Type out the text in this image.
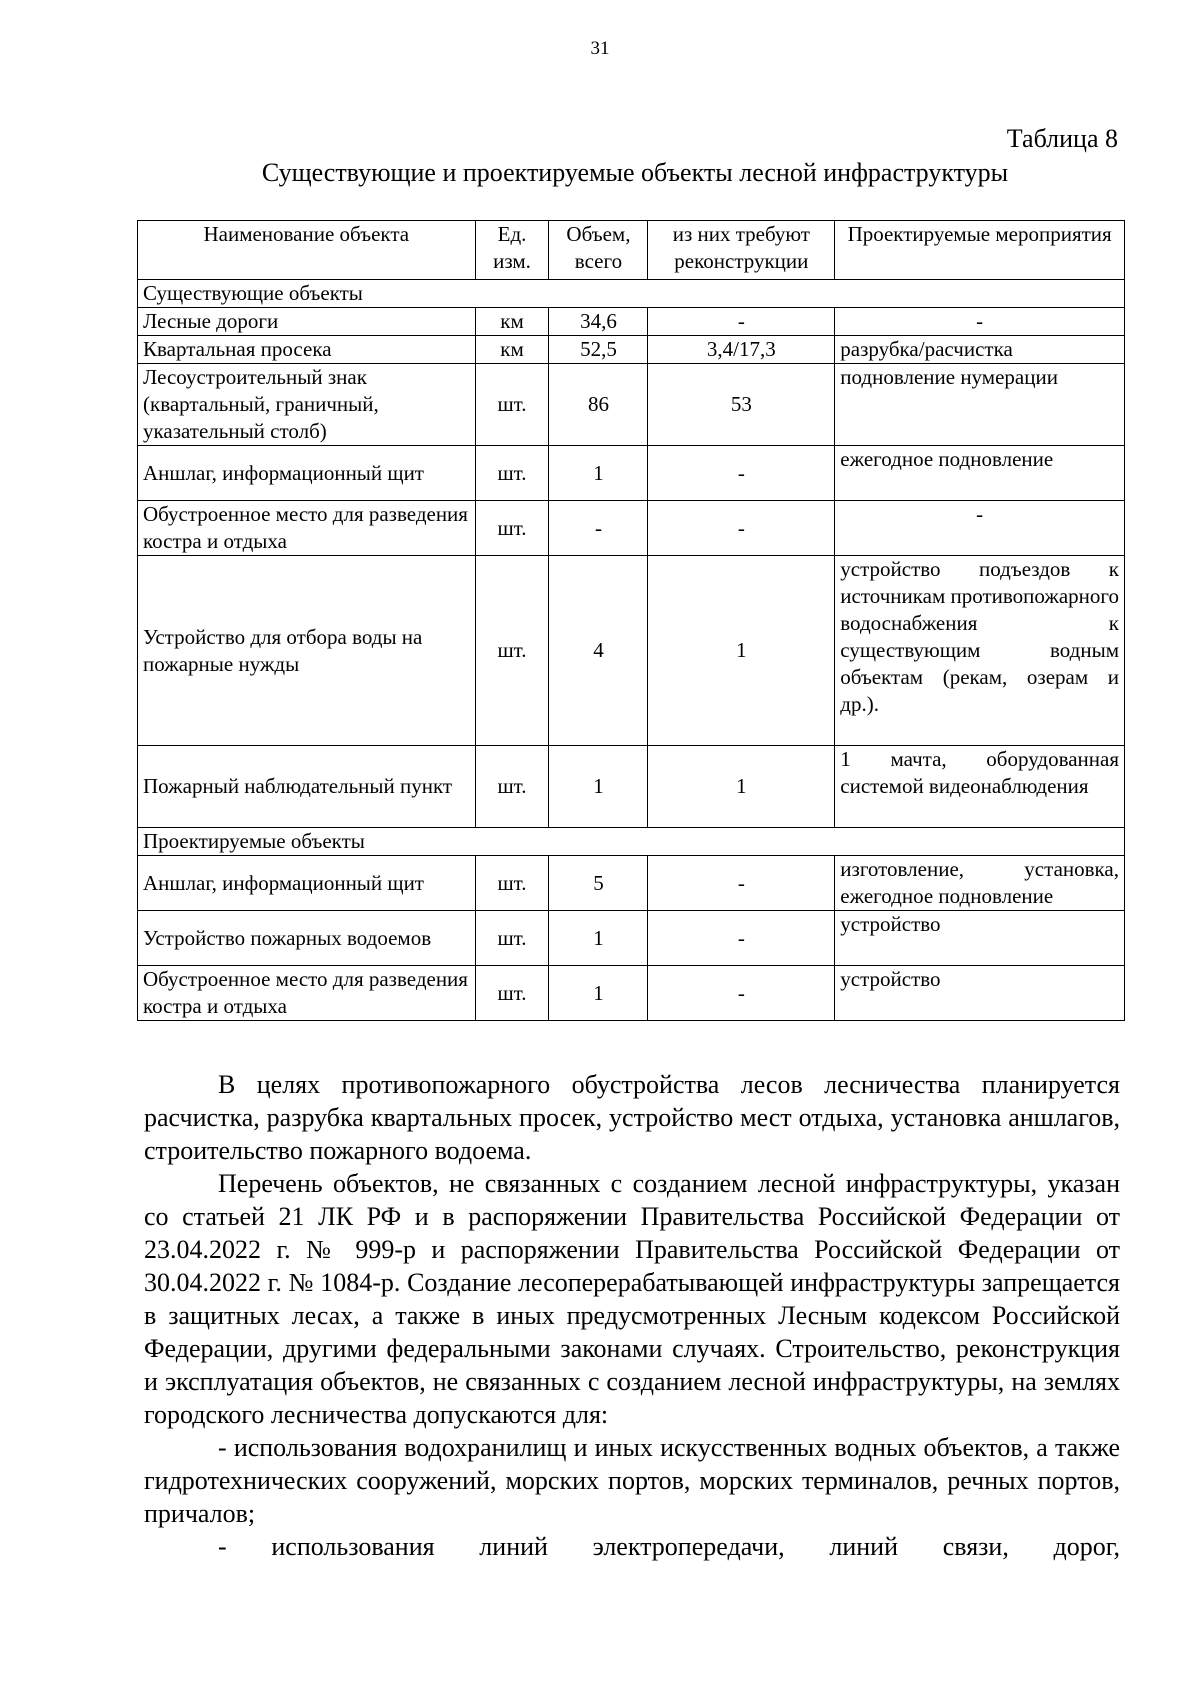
31
Таблица 8
Существующие и проектируемые объекты лесной инфраструктуры
Наименование объекта	Ед. изм.	Объем, всего	из них требуют реконструкции	Проектируемые мероприятия
Существующие объекты				
Лесные дороги	км	34,6	-	-
Квартальная просека	км	52,5	3,4/17,3	разрубка/расчистка
Лесоустроительный знак (квартальный, граничный, указательный столб)	шт.	86	53	подновление нумерации
Аншлаг, информационный щит	шт.	1	-	ежегодное подновление
Обустроенное место для разведения костра и отдыха	шт.	-	-	-
Устройство для отбора воды на пожарные нужды	шт.	4	1	устройство подъездов к источникам противопожарного водоснабжения к существующим водным объектам (рекам, озерам и др.).
Пожарный наблюдательный пункт	шт.	1	1	1 мачта, оборудованная системой видеонаблюдения
Проектируемые объекты				
Аншлаг, информационный щит	шт.	5	-	изготовление, установка, ежегодное подновление
Устройство пожарных водоемов	шт.	1	-	устройство
Обустроенное место для разведения костра и отдыха	шт.	1	-	устройство

В целях противопожарного обустройства лесов лесничества планируется расчистка, разрубка квартальных просек, устройство мест отдыха, установка аншлагов, строительство пожарного водоема.

Перечень объектов, не связанных с созданием лесной инфраструктуры, указан со статьей 21 ЛК РФ и в распоряжении Правительства Российской Федерации от 23.04.2022 г. № 999-р и распоряжении Правительства Российской Федерации от 30.04.2022 г. № 1084-р. Создание лесоперерабатывающей инфраструктуры запрещается в защитных лесах, а также в иных предусмотренных Лесным кодексом Российской Федерации, другими федеральными законами случаях. Строительство, реконструкция и эксплуатация объектов, не связанных с созданием лесной инфраструктуры, на землях городского лесничества допускаются для:

- использования водохранилищ и иных искусственных водных объектов, а также гидротехнических сооружений, морских портов, морских терминалов, речных портов, причалов;

- использования линий электропередачи, линий связи, дорог,
